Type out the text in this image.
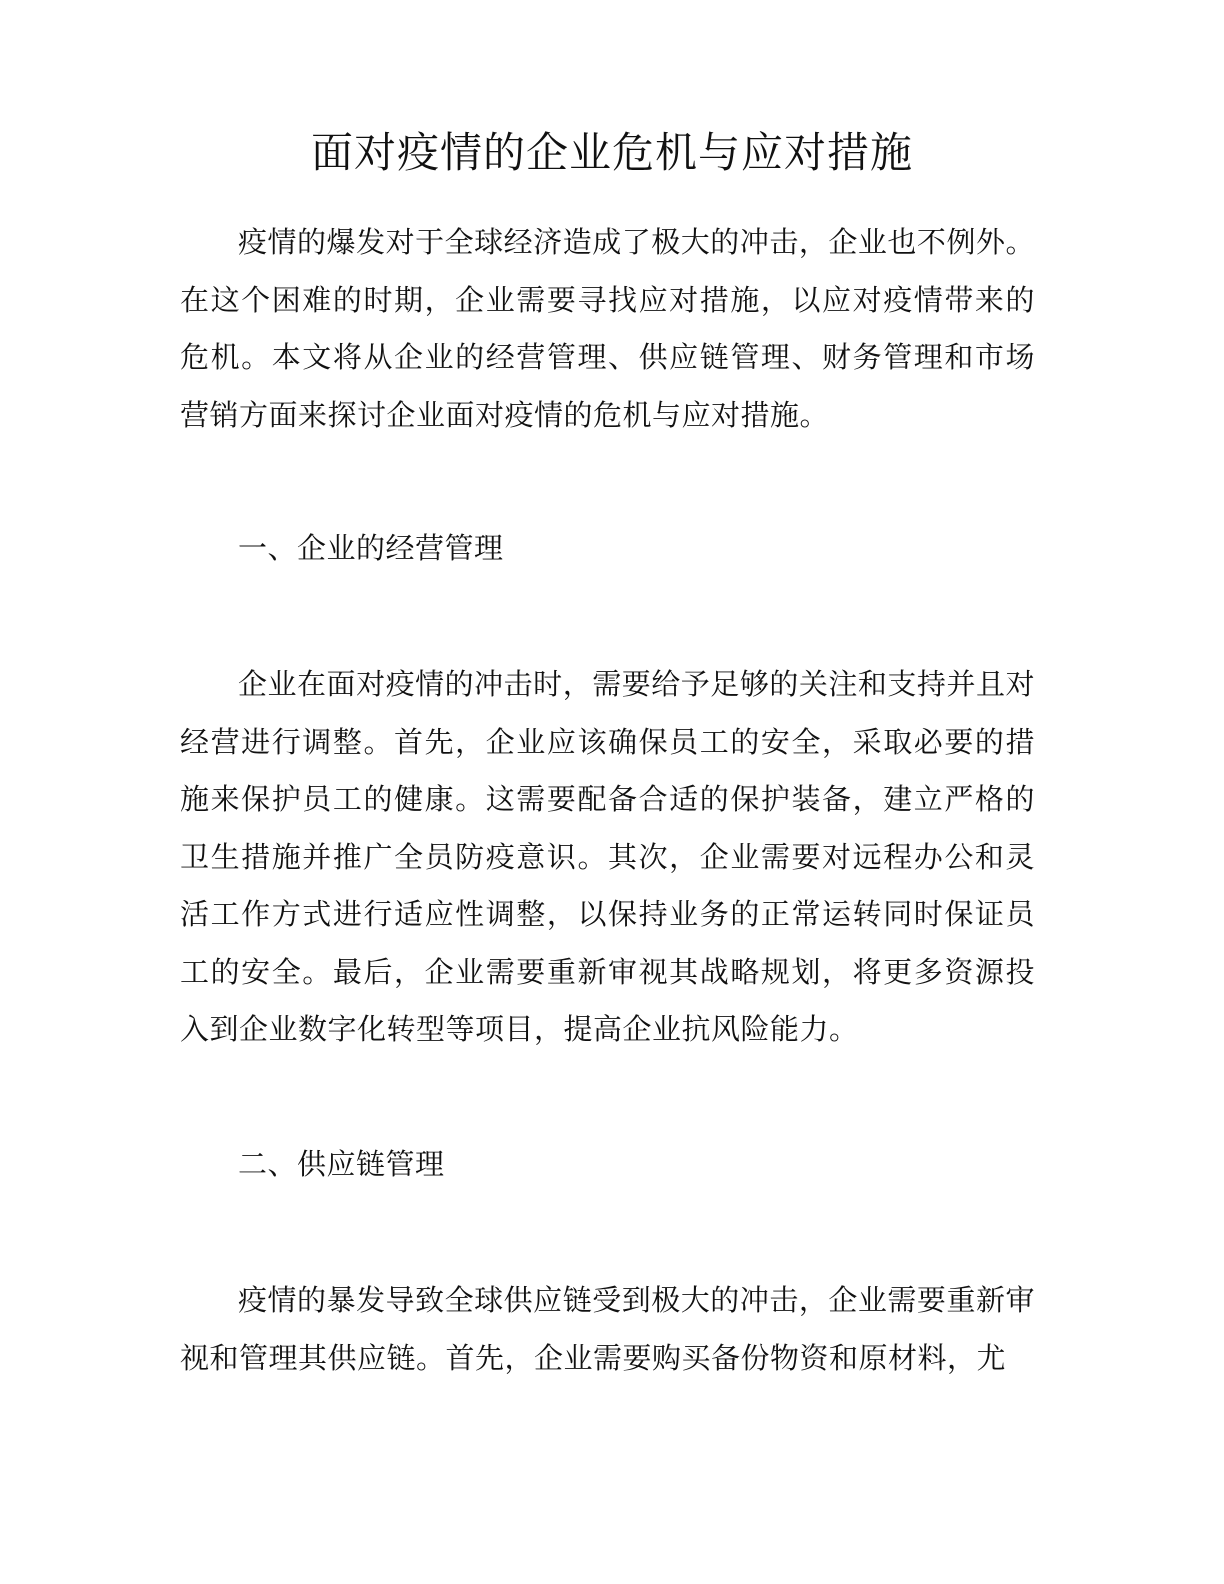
面对疫情的企业危机与应对措施

疫情的爆发对于全球经济造成了极大的冲击，企业也不例外。在这个困难的时期，企业需要寻找应对措施，以应对疫情带来的危机。本文将从企业的经营管理、供应链管理、财务管理和市场营销方面来探讨企业面对疫情的危机与应对措施。

一、企业的经营管理

企业在面对疫情的冲击时，需要给予足够的关注和支持并且对经营进行调整。首先，企业应该确保员工的安全，采取必要的措施来保护员工的健康。这需要配备合适的保护装备，建立严格的卫生措施并推广全员防疫意识。其次，企业需要对远程办公和灵活工作方式进行适应性调整，以保持业务的正常运转同时保证员工的安全。最后，企业需要重新审视其战略规划，将更多资源投入到企业数字化转型等项目，提高企业抗风险能力。

二、供应链管理

疫情的暴发导致全球供应链受到极大的冲击，企业需要重新审视和管理其供应链。首先，企业需要购买备份物资和原材料，尤
